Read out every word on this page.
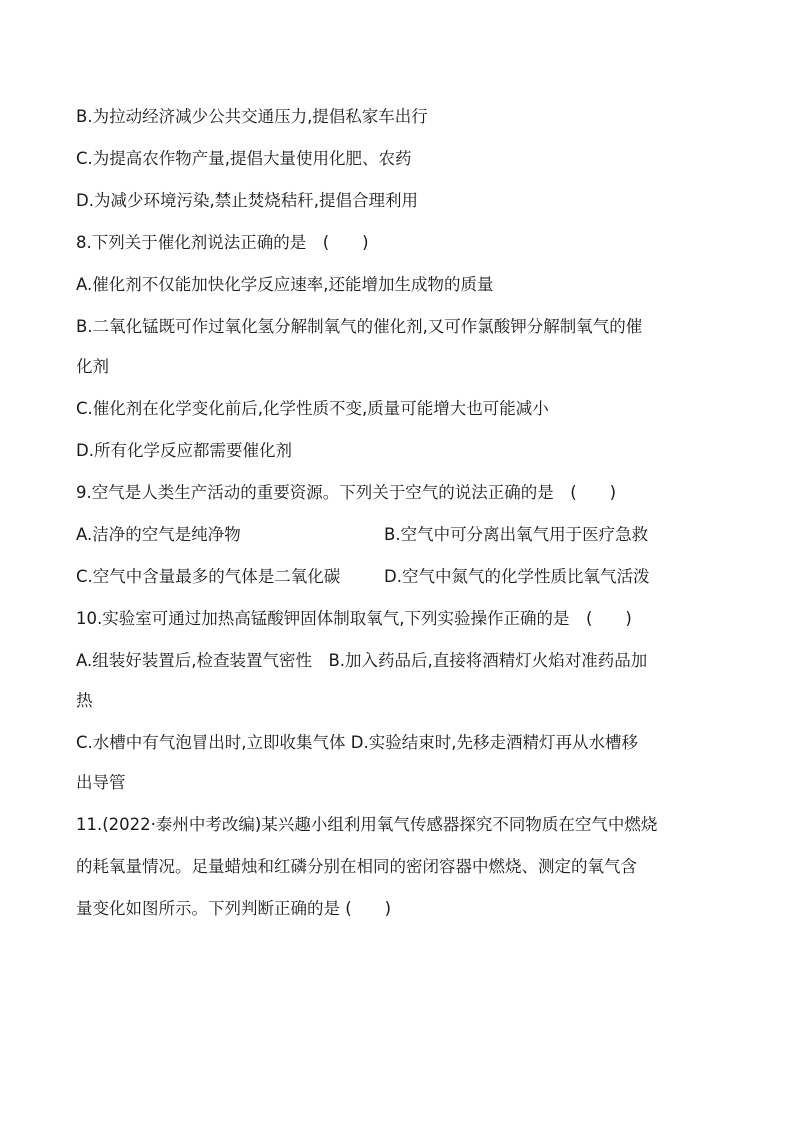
B.为拉动经济减少公共交通压力,提倡私家车出行
C.为提高农作物产量,提倡大量使用化肥、农药
D.为减少环境污染,禁止焚烧秸秆,提倡合理利用
8.下列关于催化剂说法正确的是　(　　)
A.催化剂不仅能加快化学反应速率,还能增加生成物的质量
B.二氧化锰既可作过氧化氢分解制氧气的催化剂,又可作氯酸钾分解制氧气的催
化剂
C.催化剂在化学变化前后,化学性质不变,质量可能增大也可能减小
D.所有化学反应都需要催化剂
9.空气是人类生产活动的重要资源。下列关于空气的说法正确的是　(　　)
A.洁净的空气是纯净物	B.空气中可分离出氧气用于医疗急救
C.空气中含量最多的气体是二氧化碳	D.空气中氮气的化学性质比氧气活泼
10.实验室可通过加热高锰酸钾固体制取氧气,下列实验操作正确的是　(　　)
A.组装好装置后,检查装置气密性　B.加入药品后,直接将酒精灯火焰对准药品加
热
C.水槽中有气泡冒出时,立即收集气体 D.实验结束时,先移走酒精灯再从水槽移
出导管
11.(2022·泰州中考改编)某兴趣小组利用氧气传感器探究不同物质在空气中燃烧
的耗氧量情况。足量蜡烛和红磷分别在相同的密闭容器中燃烧、测定的氧气含
量变化如图所示。下列判断正确的是 (　　)
